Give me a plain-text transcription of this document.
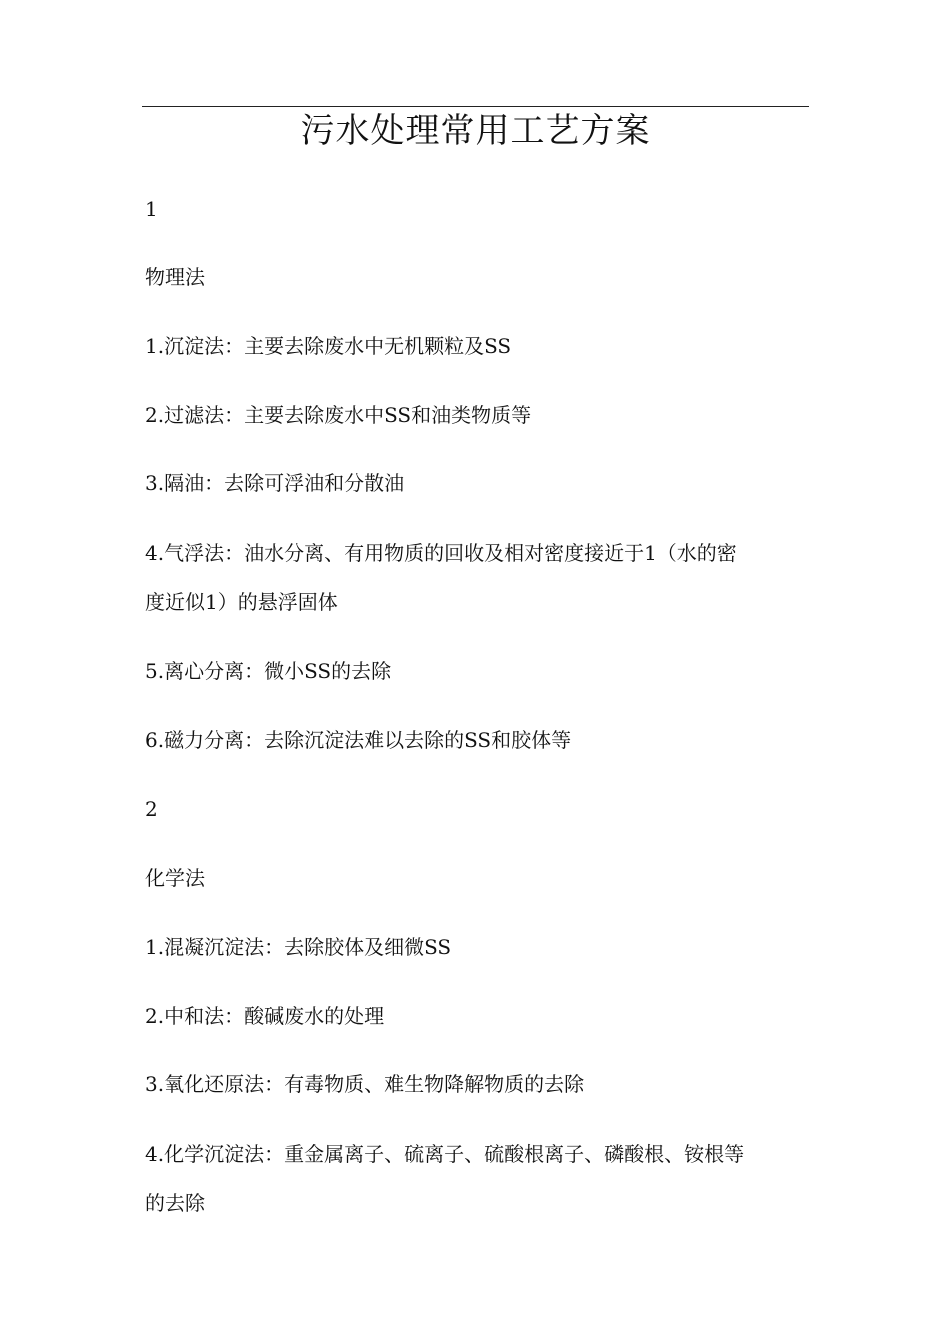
污水处理常用工艺方案

1

物理法

1.沉淀法：主要去除废水中无机颗粒及SS

2.过滤法：主要去除废水中SS和油类物质等

3.隔油：去除可浮油和分散油

4.气浮法：油水分离、有用物质的回收及相对密度接近于1（水的密

度近似1）的悬浮固体

5.离心分离：微小SS的去除

6.磁力分离：去除沉淀法难以去除的SS和胶体等

2

化学法

1.混凝沉淀法：去除胶体及细微SS

2.中和法：酸碱废水的处理

3.氧化还原法：有毒物质、难生物降解物质的去除

4.化学沉淀法：重金属离子、硫离子、硫酸根离子、磷酸根、铵根等

的去除
